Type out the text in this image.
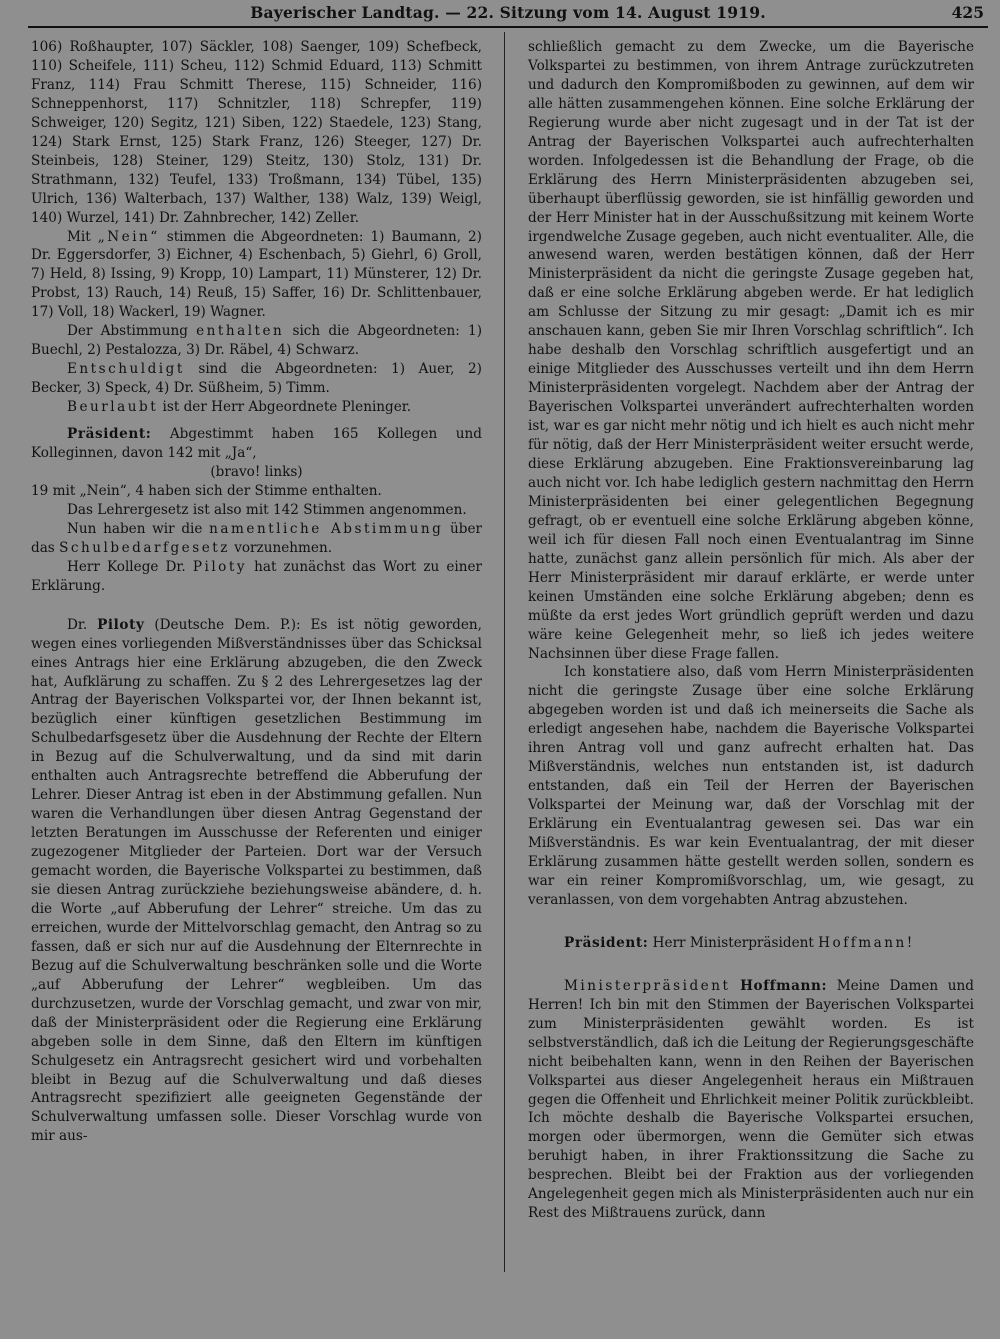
Bayerischer Landtag. — 22. Sitzung vom 14. August 1919.	425

106) Roßhaupter, 107) Säckler, 108) Saenger, 109) Schefbeck, 110) Scheifele, 111) Scheu, 112) Schmid Eduard, 113) Schmitt Franz, 114) Frau Schmitt Therese, 115) Schneider, 116) Schneppenhorst, 117) Schnitzler, 118) Schrepfer, 119) Schweiger, 120) Segitz, 121) Siben, 122) Staedele, 123) Stang, 124) Stark Ernst, 125) Stark Franz, 126) Steeger, 127) Dr. Steinbeis, 128) Steiner, 129) Steitz, 130) Stolz, 131) Dr. Strathmann, 132) Teufel, 133) Troßmann, 134) Tübel, 135) Ulrich, 136) Walterbach, 137) Walther, 138) Walz, 139) Weigl, 140) Wurzel, 141) Dr. Zahnbrecher, 142) Zeller.

Mit „Nein“ stimmen die Abgeordneten: 1) Baumann, 2) Dr. Eggersdorfer, 3) Eichner, 4) Eschenbach, 5) Giehrl, 6) Groll, 7) Held, 8) Issing, 9) Kropp, 10) Lampart, 11) Münsterer, 12) Dr. Probst, 13) Rauch, 14) Reuß, 15) Saffer, 16) Dr. Schlittenbauer, 17) Voll, 18) Wackerl, 19) Wagner.

Der Abstimmung enthalten sich die Abgeordneten: 1) Buechl, 2) Pestalozza, 3) Dr. Räbel, 4) Schwarz.

Entschuldigt sind die Abgeordneten: 1) Auer, 2) Becker, 3) Speck, 4) Dr. Süßheim, 5) Timm.

Beurlaubt ist der Herr Abgeordnete Pleninger.

Präsident: Abgestimmt haben 165 Kollegen und Kolleginnen, davon 142 mit „Ja“,

(bravo! links)

19 mit „Nein“, 4 haben sich der Stimme enthalten.

Das Lehrergesetz ist also mit 142 Stimmen angenommen.

Nun haben wir die namentliche Abstimmung über das Schulbedarfgesetz vorzunehmen.

Herr Kollege Dr. Piloty hat zunächst das Wort zu einer Erklärung.

Dr. Piloty (Deutsche Dem. P.): Es ist nötig geworden, wegen eines vorliegenden Mißverständnisses über das Schicksal eines Antrags hier eine Erklärung abzugeben, die den Zweck hat, Aufklärung zu schaffen. Zu § 2 des Lehrergesetzes lag der Antrag der Bayerischen Volkspartei vor, der Ihnen bekannt ist, bezüglich einer künftigen gesetzlichen Bestimmung im Schulbedarfsgesetz über die Ausdehnung der Rechte der Eltern in Bezug auf die Schulverwaltung, und da sind mit darin enthalten auch Antragsrechte betreffend die Abberufung der Lehrer. Dieser Antrag ist eben in der Abstimmung gefallen. Nun waren die Verhandlungen über diesen Antrag Gegenstand der letzten Beratungen im Ausschusse der Referenten und einiger zugezogener Mitglieder der Parteien. Dort war der Versuch gemacht worden, die Bayerische Volkspartei zu bestimmen, daß sie diesen Antrag zurückziehe beziehungsweise abändere, d. h. die Worte „auf Abberufung der Lehrer“ streiche. Um das zu erreichen, wurde der Mittelvorschlag gemacht, den Antrag so zu fassen, daß er sich nur auf die Ausdehnung der Elternrechte in Bezug auf die Schulverwaltung beschränken solle und die Worte „auf Abberufung der Lehrer“ wegbleiben. Um das durchzusetzen, wurde der Vorschlag gemacht, und zwar von mir, daß der Ministerpräsident oder die Regierung eine Erklärung abgeben solle in dem Sinne, daß den Eltern im künftigen Schulgesetz ein Antragsrecht gesichert wird und vorbehalten bleibt in Bezug auf die Schulverwaltung und daß dieses Antragsrecht spezifiziert alle geeigneten Gegenstände der Schulverwaltung umfassen solle. Dieser Vorschlag wurde von mir aus-

schließlich gemacht zu dem Zwecke, um die Bayerische Volkspartei zu bestimmen, von ihrem Antrage zurückzutreten und dadurch den Kompromißboden zu gewinnen, auf dem wir alle hätten zusammengehen können. Eine solche Erklärung der Regierung wurde aber nicht zugesagt und in der Tat ist der Antrag der Bayerischen Volkspartei auch aufrechterhalten worden. Infolgedessen ist die Behandlung der Frage, ob die Erklärung des Herrn Ministerpräsidenten abzugeben sei, überhaupt überflüssig geworden, sie ist hinfällig geworden und der Herr Minister hat in der Ausschußsitzung mit keinem Worte irgendwelche Zusage gegeben, auch nicht eventualiter. Alle, die anwesend waren, werden bestätigen können, daß der Herr Ministerpräsident da nicht die geringste Zusage gegeben hat, daß er eine solche Erklärung abgeben werde. Er hat lediglich am Schlusse der Sitzung zu mir gesagt: „Damit ich es mir anschauen kann, geben Sie mir Ihren Vorschlag schriftlich“. Ich habe deshalb den Vorschlag schriftlich ausgefertigt und an einige Mitglieder des Ausschusses verteilt und ihn dem Herrn Ministerpräsidenten vorgelegt. Nachdem aber der Antrag der Bayerischen Volkspartei unverändert aufrechterhalten worden ist, war es gar nicht mehr nötig und ich hielt es auch nicht mehr für nötig, daß der Herr Ministerpräsident weiter ersucht werde, diese Erklärung abzugeben. Eine Fraktionsvereinbarung lag auch nicht vor. Ich habe lediglich gestern nachmittag den Herrn Ministerpräsidenten bei einer gelegentlichen Begegnung gefragt, ob er eventuell eine solche Erklärung abgeben könne, weil ich für diesen Fall noch einen Eventualantrag im Sinne hatte, zunächst ganz allein persönlich für mich. Als aber der Herr Ministerpräsident mir darauf erklärte, er werde unter keinen Umständen eine solche Erklärung abgeben; denn es müßte da erst jedes Wort gründlich geprüft werden und dazu wäre keine Gelegenheit mehr, so ließ ich jedes weitere Nachsinnen über diese Frage fallen.

Ich konstatiere also, daß vom Herrn Ministerpräsidenten nicht die geringste Zusage über eine solche Erklärung abgegeben worden ist und daß ich meinerseits die Sache als erledigt angesehen habe, nachdem die Bayerische Volkspartei ihren Antrag voll und ganz aufrecht erhalten hat. Das Mißverständnis, welches nun entstanden ist, ist dadurch entstanden, daß ein Teil der Herren der Bayerischen Volkspartei der Meinung war, daß der Vorschlag mit der Erklärung ein Eventualantrag gewesen sei. Das war ein Mißverständnis. Es war kein Eventualantrag, der mit dieser Erklärung zusammen hätte gestellt werden sollen, sondern es war ein reiner Kompromißvorschlag, um, wie gesagt, zu veranlassen, von dem vorgehabten Antrag abzustehen.

Präsident: Herr Ministerpräsident Hoffmann!

Ministerpräsident Hoffmann: Meine Damen und Herren! Ich bin mit den Stimmen der Bayerischen Volkspartei zum Ministerpräsidenten gewählt worden. Es ist selbstverständlich, daß ich die Leitung der Regierungsgeschäfte nicht beibehalten kann, wenn in den Reihen der Bayerischen Volkspartei aus dieser Angelegenheit heraus ein Mißtrauen gegen die Offenheit und Ehrlichkeit meiner Politik zurückbleibt. Ich möchte deshalb die Bayerische Volkspartei ersuchen, morgen oder übermorgen, wenn die Gemüter sich etwas beruhigt haben, in ihrer Fraktionssitzung die Sache zu besprechen. Bleibt bei der Fraktion aus der vorliegenden Angelegenheit gegen mich als Ministerpräsidenten auch nur ein Rest des Mißtrauens zurück, dann
